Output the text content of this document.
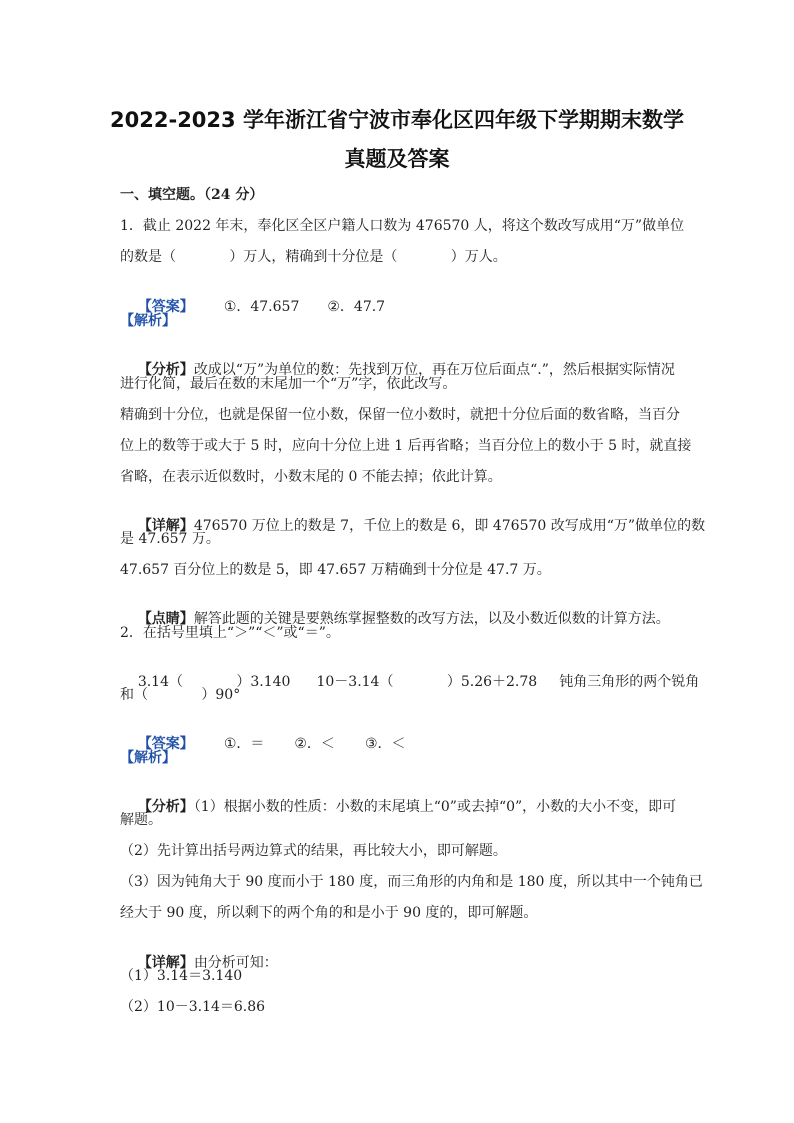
2022-2023 学年浙江省宁波市奉化区四年级下学期期末数学
真题及答案
一、填空题。（24 分）
1．截止 2022 年末，奉化区全区户籍人口数为 476570 人，将这个数改写成用“万”做单位
的数是（            ）万人，精确到十分位是（            ）万人。

【答案】 ①．47.657 ②．47.7

【解析】

【分析】改成以“万”为单位的数：先找到万位，再在万位后面点“.”，然后根据实际情况

进行化简，最后在数的末尾加一个“万”字，依此改写。
精确到十分位，也就是保留一位小数，保留一位小数时，就把十分位后面的数省略，当百分
位上的数等于或大于 5 时，应向十分位上进 1 后再省略；当百分位上的数小于 5 时，就直接
省略，在表示近似数时，小数末尾的 0 不能去掉；依此计算。

【详解】476570 万位上的数是 7，千位上的数是 6，即 476570 改写成用“万”做单位的数

是 47.657 万。
47.657 百分位上的数是 5，即 47.657 万精确到十分位是 47.7 万。

【点睛】解答此题的关键是要熟练掌握整数的改写方法，以及小数近似数的计算方法。

2．在括号里填上“＞”“＜”或“＝”。

3.14（            ）3.140 10－3.14（            ）5.26＋2.78 钝角三角形的两个锐角

和（            ）90°

【答案】 ①．＝ ②．＜ ③．＜

【解析】

【分析】（1）根据小数的性质：小数的末尾填上“0”或去掉“0”，小数的大小不变，即可

解题。
（2）先计算出括号两边算式的结果，再比较大小，即可解题。
（3）因为钝角大于 90 度而小于 180 度，而三角形的内角和是 180 度，所以其中一个钝角已
经大于 90 度，所以剩下的两个角的和是小于 90 度的，即可解题。

【详解】由分析可知：

（1）3.14＝3.140
（2）10－3.14＝6.86
